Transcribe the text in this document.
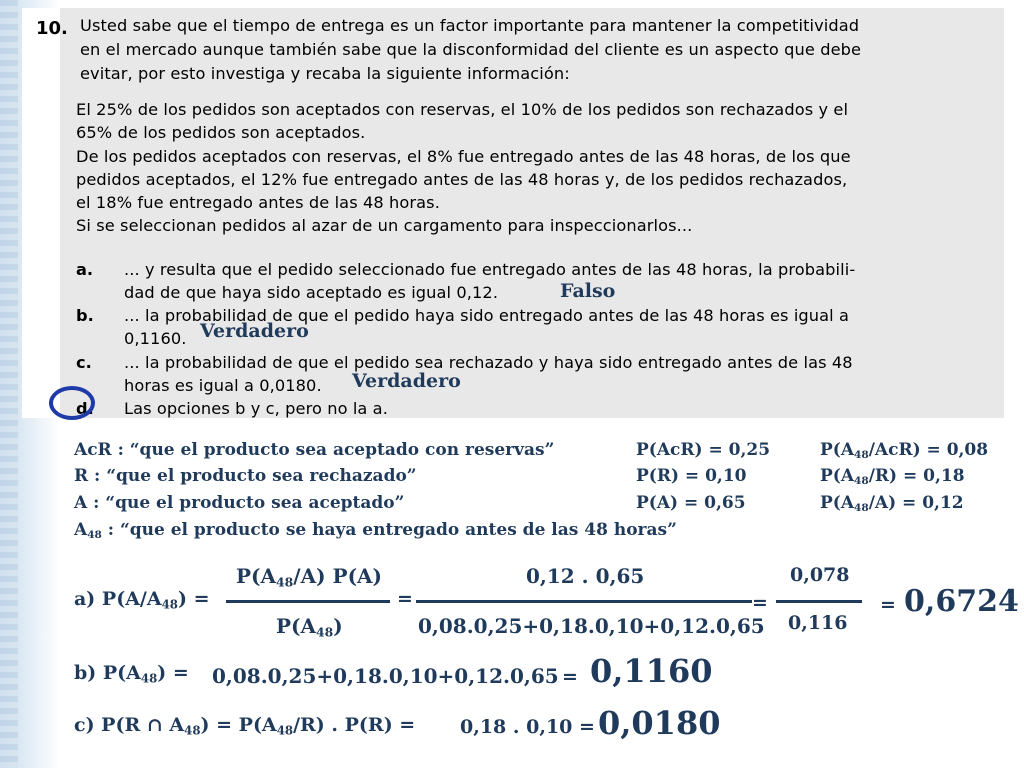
10. Usted sabe que el tiempo de entrega es un factor importante para mantener la competitividad
en el mercado aunque también sabe que la disconformidad del cliente es un aspecto que debe
evitar, por esto investiga y recaba la siguiente información:
El 25% de los pedidos son aceptados con reservas, el 10% de los pedidos son rechazados y el
65% de los pedidos son aceptados.
De los pedidos aceptados con reservas, el 8% fue entregado antes de las 48 horas, de los que
pedidos aceptados, el 12% fue entregado antes de las 48 horas y, de los pedidos rechazados,
el 18% fue entregado antes de las 48 horas.
Si se seleccionan pedidos al azar de un cargamento para inspeccionarlos...
a. ... y resulta que el pedido seleccionado fue entregado antes de las 48 horas, la probabili-
dad de que haya sido aceptado es igual 0,12.	Falso
b. ... la probabilidad de que el pedido haya sido entregado antes de las 48 horas es igual a
0,1160. Verdadero
c. ... la probabilidad de que el pedido sea rechazado y haya sido entregado antes de las 48
horas es igual a 0,0180. Verdadero
d. Las opciones b y c, pero no la a.
AcR : “que el producto sea aceptado con reservas”	P(AcR) = 0,25	$P(A_{48}/AcR) = 0,08$
R : “que el producto sea rechazado”	P(R) = 0,10	$P(A_{48}/R) = 0,18$
A : “que el producto sea aceptado”	P(A) = 0,65	$P(A_{48}/A) = 0,12$
$A_{48}$ : “que el producto se haya entregado antes de las 48 horas”
a) $P(A/A_{48})$ =
$P(A_{48}/A)$ P(A)
$P(A_{48})$
=
0,12 . 0,65
0,08.0,25+0,18.0,10+0,12.0,65
=
0,078
0,116
= 0,6724
b) $P(A_{48}) = 0,08.0,25+0,18.0,10+0,12.0,65 = 0,1160$
c) P(R ∩ $A_{48}) = P(A_{48}/R)$ . P(R) = 0,18 . 0,10 = 0,0180
